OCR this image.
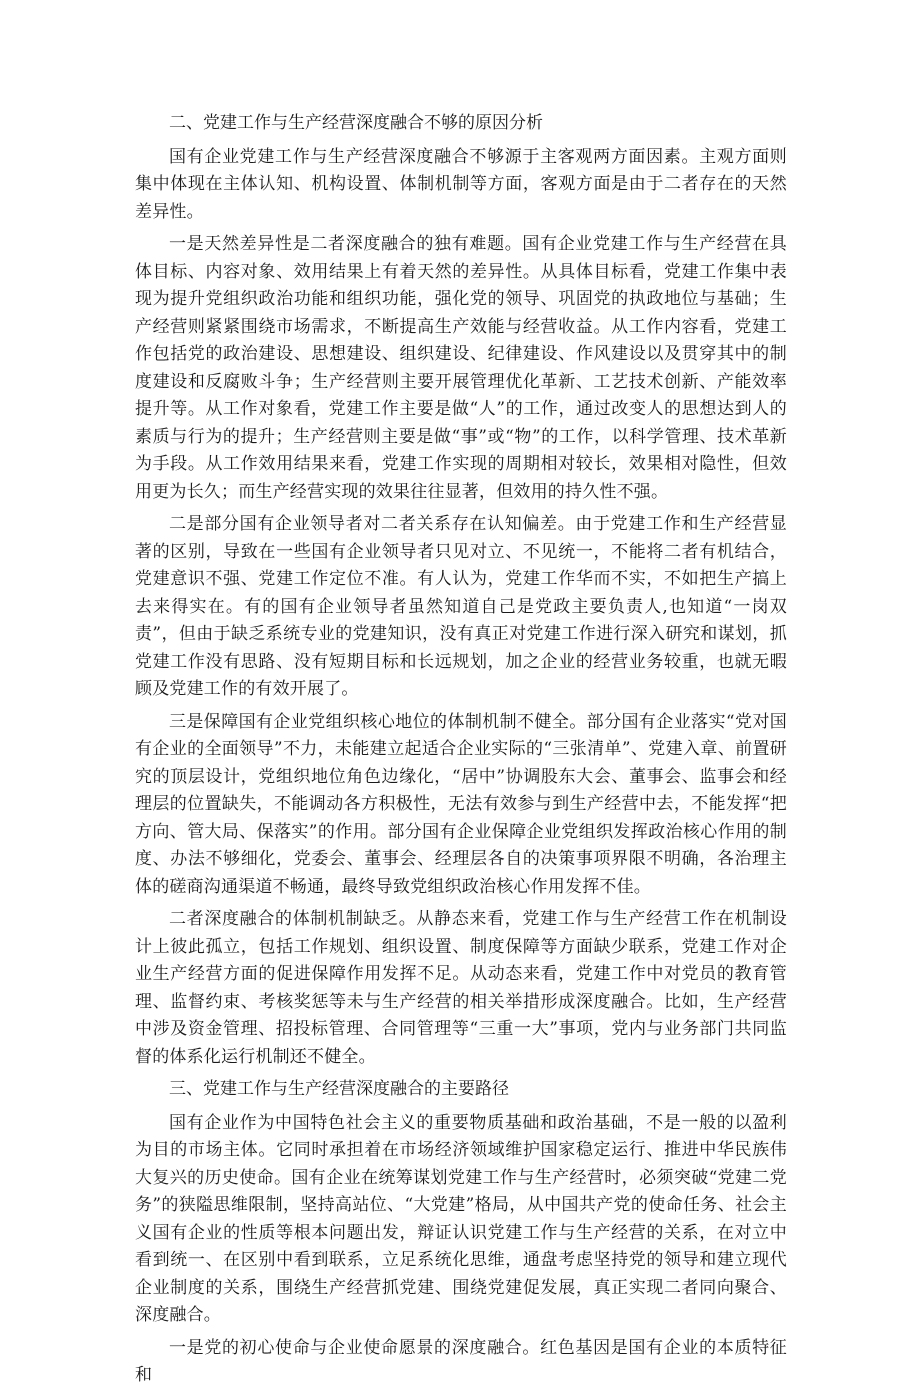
二、党建工作与生产经营深度融合不够的原因分析

国有企业党建工作与生产经营深度融合不够源于主客观两方面因素。主观方面则集中体现在主体认知、机构设置、体制机制等方面，客观方面是由于二者存在的天然差异性。

一是天然差异性是二者深度融合的独有难题。国有企业党建工作与生产经营在具体目标、内容对象、效用结果上有着天然的差异性。从具体目标看，党建工作集中表现为提升党组织政治功能和组织功能，强化党的领导、巩固党的执政地位与基础；生产经营则紧紧围绕市场需求，不断提高生产效能与经营收益。从工作内容看，党建工作包括党的政治建设、思想建设、组织建设、纪律建设、作风建设以及贯穿其中的制度建设和反腐败斗争；生产经营则主要开展管理优化革新、工艺技术创新、产能效率提升等。从工作对象看，党建工作主要是做“人”的工作，通过改变人的思想达到人的素质与行为的提升；生产经营则主要是做“事”或“物”的工作，以科学管理、技术革新为手段。从工作效用结果来看，党建工作实现的周期相对较长，效果相对隐性，但效用更为长久；而生产经营实现的效果往往显著，但效用的持久性不强。

二是部分国有企业领导者对二者关系存在认知偏差。由于党建工作和生产经营显著的区别，导致在一些国有企业领导者只见对立、不见统一，不能将二者有机结合，党建意识不强、党建工作定位不准。有人认为，党建工作华而不实，不如把生产搞上去来得实在。有的国有企业领导者虽然知道自己是党政主要负责人,也知道“一岗双责”，但由于缺乏系统专业的党建知识，没有真正对党建工作进行深入研究和谋划，抓党建工作没有思路、没有短期目标和长远规划，加之企业的经营业务较重，也就无暇顾及党建工作的有效开展了。

三是保障国有企业党组织核心地位的体制机制不健全。部分国有企业落实“党对国有企业的全面领导”不力，未能建立起适合企业实际的“三张清单”、党建入章、前置研究的顶层设计，党组织地位角色边缘化，“居中”协调股东大会、董事会、监事会和经理层的位置缺失，不能调动各方积极性，无法有效参与到生产经营中去，不能发挥“把方向、管大局、保落实”的作用。部分国有企业保障企业党组织发挥政治核心作用的制度、办法不够细化，党委会、董事会、经理层各自的决策事项界限不明确，各治理主体的磋商沟通渠道不畅通，最终导致党组织政治核心作用发挥不佳。

二者深度融合的体制机制缺乏。从静态来看，党建工作与生产经营工作在机制设计上彼此孤立，包括工作规划、组织设置、制度保障等方面缺少联系，党建工作对企业生产经营方面的促进保障作用发挥不足。从动态来看，党建工作中对党员的教育管理、监督约束、考核奖惩等未与生产经营的相关举措形成深度融合。比如，生产经营中涉及资金管理、招投标管理、合同管理等“三重一大”事项，党内与业务部门共同监督的体系化运行机制还不健全。

三、党建工作与生产经营深度融合的主要路径

国有企业作为中国特色社会主义的重要物质基础和政治基础，不是一般的以盈利为目的市场主体。它同时承担着在市场经济领域维护国家稳定运行、推进中华民族伟大复兴的历史使命。国有企业在统筹谋划党建工作与生产经营时，必须突破“党建二党务”的狭隘思维限制，坚持高站位、“大党建”格局，从中国共产党的使命任务、社会主义国有企业的性质等根本问题出发，辩证认识党建工作与生产经营的关系，在对立中看到统一、在区别中看到联系，立足系统化思维，通盘考虑坚持党的领导和建立现代企业制度的关系，围绕生产经营抓党建、围绕党建促发展，真正实现二者同向聚合、深度融合。

一是党的初心使命与企业使命愿景的深度融合。红色基因是国有企业的本质特征和
